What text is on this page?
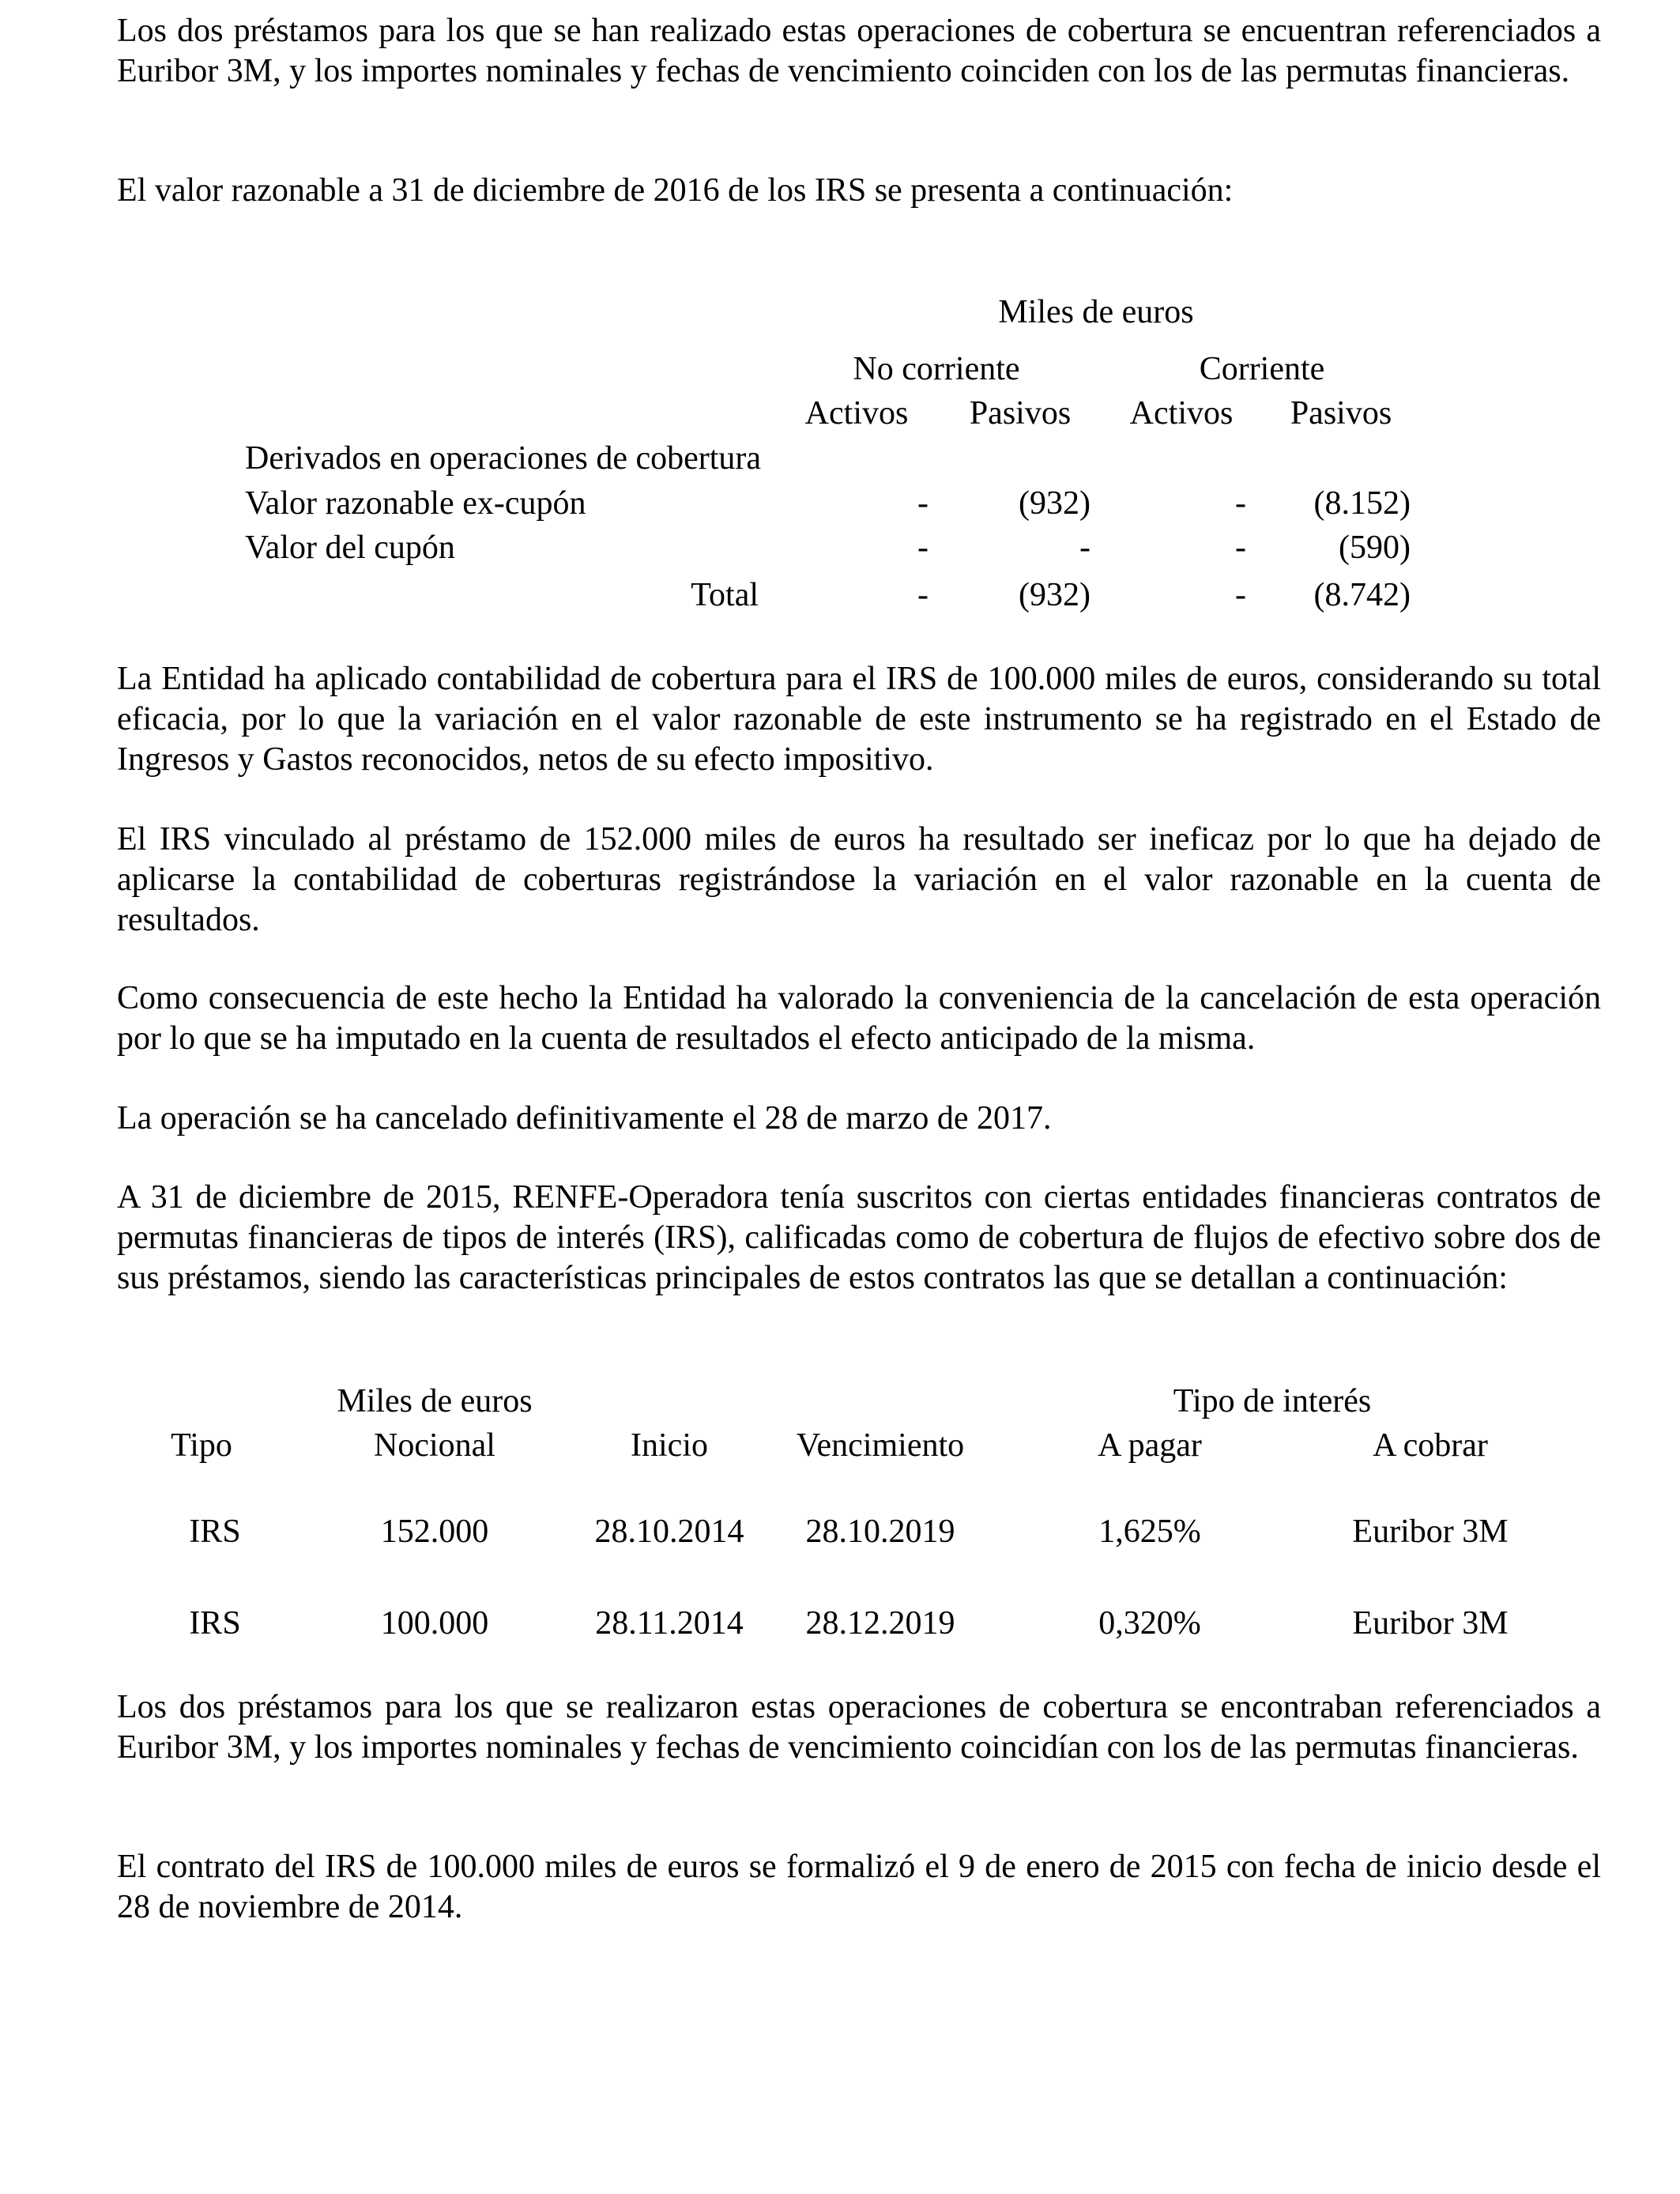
Los dos préstamos para los que se han realizado estas operaciones de cobertura se encuentran referenciados a Euribor 3M, y los importes nominales y fechas de vencimiento coinciden con los de las permutas financieras.

El valor razonable a 31 de diciembre de 2016 de los IRS se presenta a continuación:

Miles de euros
No corriente	Corriente
Activos Pasivos Activos Pasivos
Derivados en operaciones de cobertura
Valor razonable ex-cupón	-	(932)	- (8.152)
Valor del cupón	-	-	-	(590)
Total	-	(932)	- (8.742)

La Entidad ha aplicado contabilidad de cobertura para el IRS de 100.000 miles de euros, considerando su total eficacia, por lo que la variación en el valor razonable de este instrumento se ha registrado en el Estado de Ingresos y Gastos reconocidos, netos de su efecto impositivo.

El IRS vinculado al préstamo de 152.000 miles de euros ha resultado ser ineficaz por lo que ha dejado de aplicarse la contabilidad de coberturas registrándose la variación en el valor razonable en la cuenta de resultados.

Como consecuencia de este hecho la Entidad ha valorado la conveniencia de la cancelación de esta operación por lo que se ha imputado en la cuenta de resultados el efecto anticipado de la misma.

La operación se ha cancelado definitivamente el 28 de marzo de 2017.

A 31 de diciembre de 2015, RENFE-Operadora tenía suscritos con ciertas entidades financieras contratos de permutas financieras de tipos de interés (IRS), calificadas como de cobertura de flujos de efectivo sobre dos de sus préstamos, siendo las características principales de estos contratos las que se detallan a continuación:

Miles de euros	Tipo de interés
Tipo	Nocional	Inicio	Vencimiento	A pagar	A cobrar
IRS	152.000	28.10.2014 28.10.2019	1,625%	Euribor 3M
IRS	100.000	28.11.2014 28.12.2019	0,320%	Euribor 3M

Los dos préstamos para los que se realizaron estas operaciones de cobertura se encontraban referenciados a Euribor 3M, y los importes nominales y fechas de vencimiento coincidían con los de las permutas financieras.

El contrato del IRS de 100.000 miles de euros se formalizó el 9 de enero de 2015 con fecha de inicio desde el 28 de noviembre de 2014.
